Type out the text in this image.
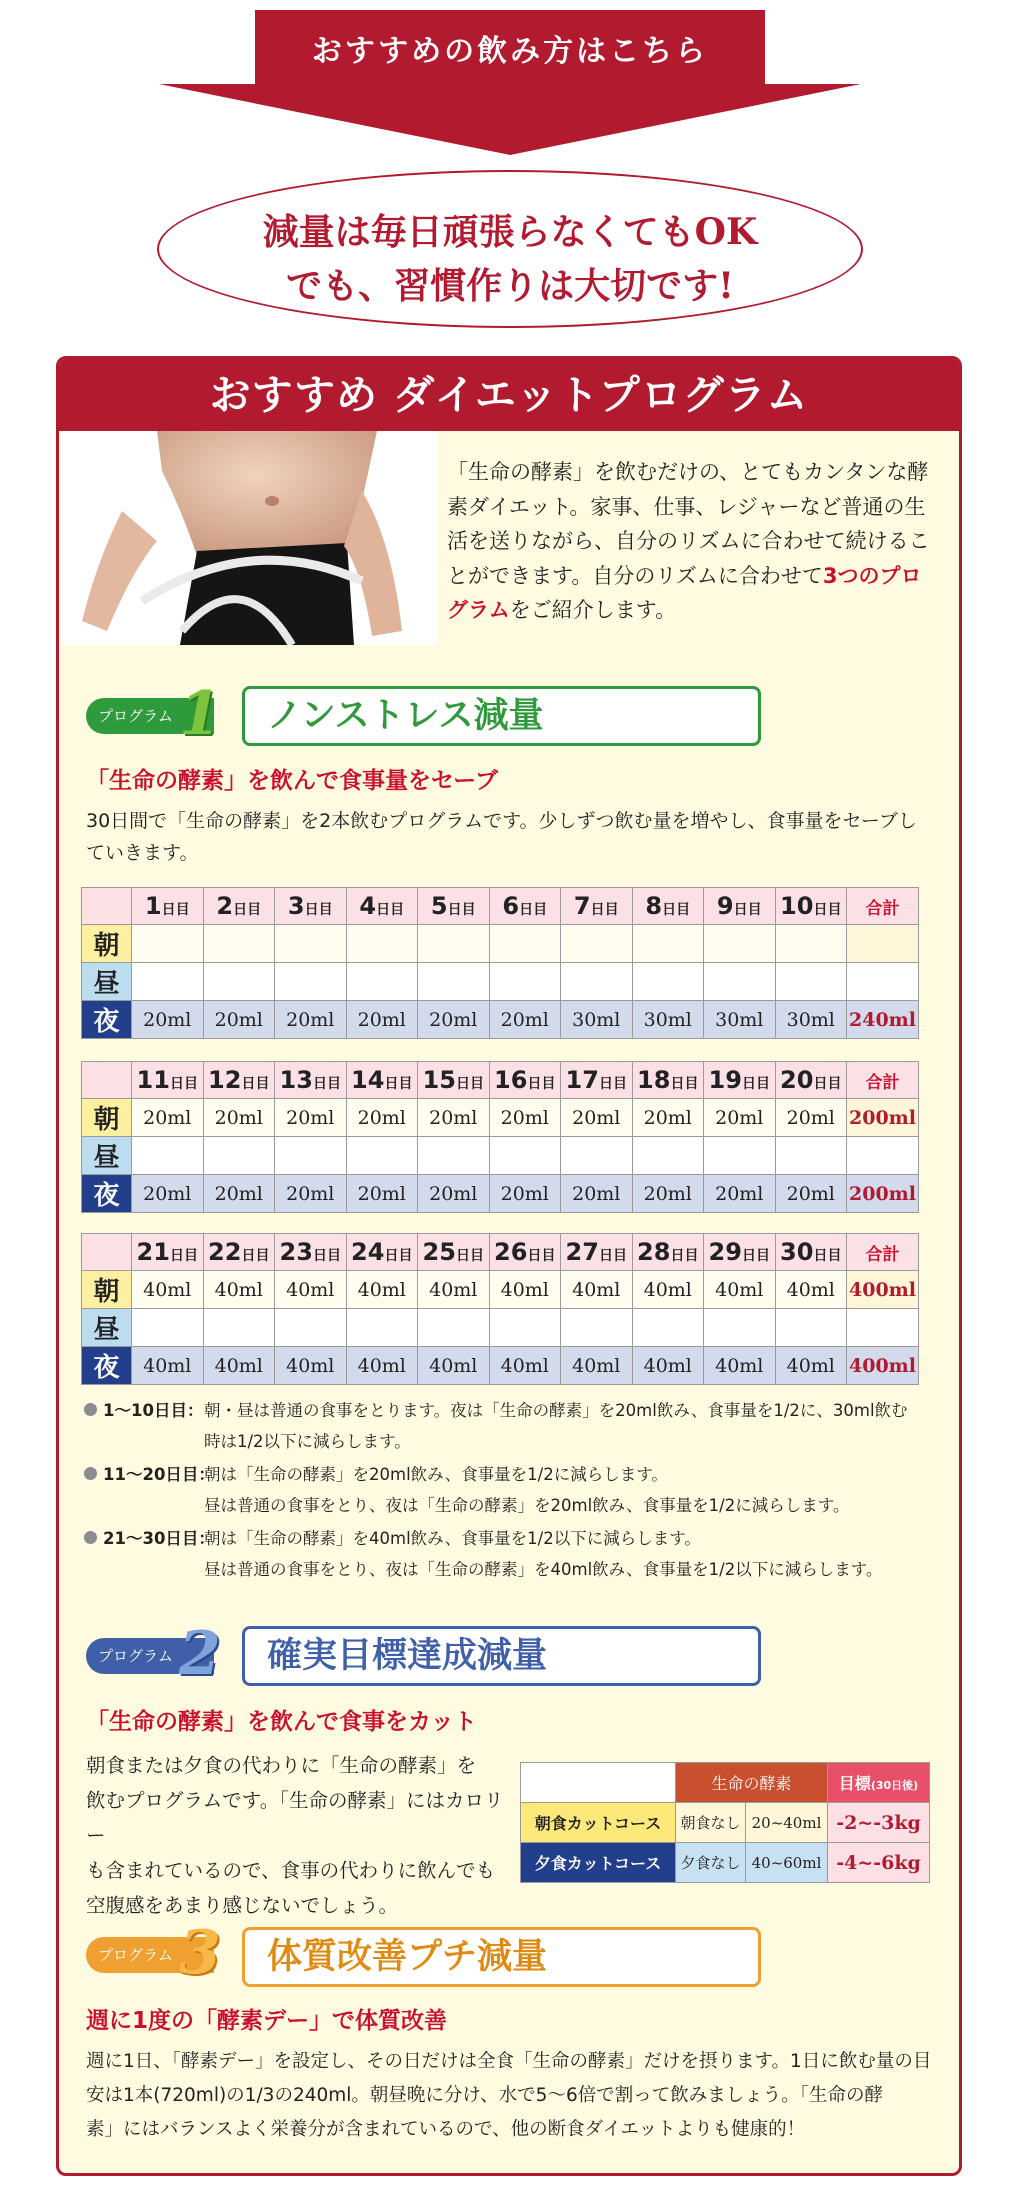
おすすめの飲み方はこちら
減量は毎日頑張らなくてもOK
でも、習慣作りは大切です!
おすすめ ダイエットプログラム
「生命の酵素」を飲むだけの、とてもカンタンな酵素ダイエット。家事、仕事、レジャーなど普通の生活を送りながら、自分のリズムに合わせて続けることができます。自分のリズムに合わせて3つのプログラムをご紹介します。
プログラム 1	ノンストレス減量
「生命の酵素」を飲んで食事量をセーブ
30日間で「生命の酵素」を2本飲むプログラムです。少しずつ飲む量を増やし、食事量をセーブしていきます。
	1日目	2日目	3日目	4日目	5日目	6日目	7日目	8日目	9日目	10日目	合計
朝											
昼											
夜	20ml	20ml	20ml	20ml	20ml	20ml	30ml	30ml	30ml	30ml	240ml
	11日目	12日目	13日目	14日目	15日目	16日目	17日目	18日目	19日目	20日目	合計
朝	20ml	20ml	20ml	20ml	20ml	20ml	20ml	20ml	20ml	20ml	200ml
昼											
夜	20ml	20ml	20ml	20ml	20ml	20ml	20ml	20ml	20ml	20ml	200ml
	21日目	22日目	23日目	24日目	25日目	26日目	27日目	28日目	29日目	30日目	合計
朝	40ml	40ml	40ml	40ml	40ml	40ml	40ml	40ml	40ml	40ml	400ml
昼											
夜	40ml	40ml	40ml	40ml	40ml	40ml	40ml	40ml	40ml	40ml	400ml
1～10日目： 朝・昼は普通の食事をとります。夜は「生命の酵素」を20ml飲み、食事量を1/2に、30ml飲む
時は1/2以下に減らします。
11～20日目：
朝は「生命の酵素」を20ml飲み、食事量を1/2に減らします。
昼は普通の食事をとり、夜は「生命の酵素」を20ml飲み、食事量を1/2に減らします。
21～30日目：
朝は「生命の酵素」を40ml飲み、食事量を1/2以下に減らします。
昼は普通の食事をとり、夜は「生命の酵素」を40ml飲み、食事量を1/2以下に減らします。
プログラム 2	確実目標達成減量
「生命の酵素」を飲んで食事をカット
朝食または夕食の代わりに「生命の酵素」を
飲むプログラムです。「生命の酵素」にはカロリー
も含まれているので、食事の代わりに飲んでも
空腹感をあまり感じないでしょう。
	生命の酵素		目標(30日後)
朝食カットコース	朝食なし	20~40ml	-2~-3kg
夕食カットコース	夕食なし	40~60ml	-4~-6kg
プログラム 3	体質改善プチ減量
週に1度の「酵素デー」で体質改善
週に1日、「酵素デー」を設定し、その日だけは全食「生命の酵素」だけを摂ります。1日に飲む量の目
安は1本(720ml)の1/3の240ml。朝昼晩に分け、水で5～6倍で割って飲みましょう。「生命の酵
素」にはバランスよく栄養分が含まれているので、他の断食ダイエットよりも健康的！
